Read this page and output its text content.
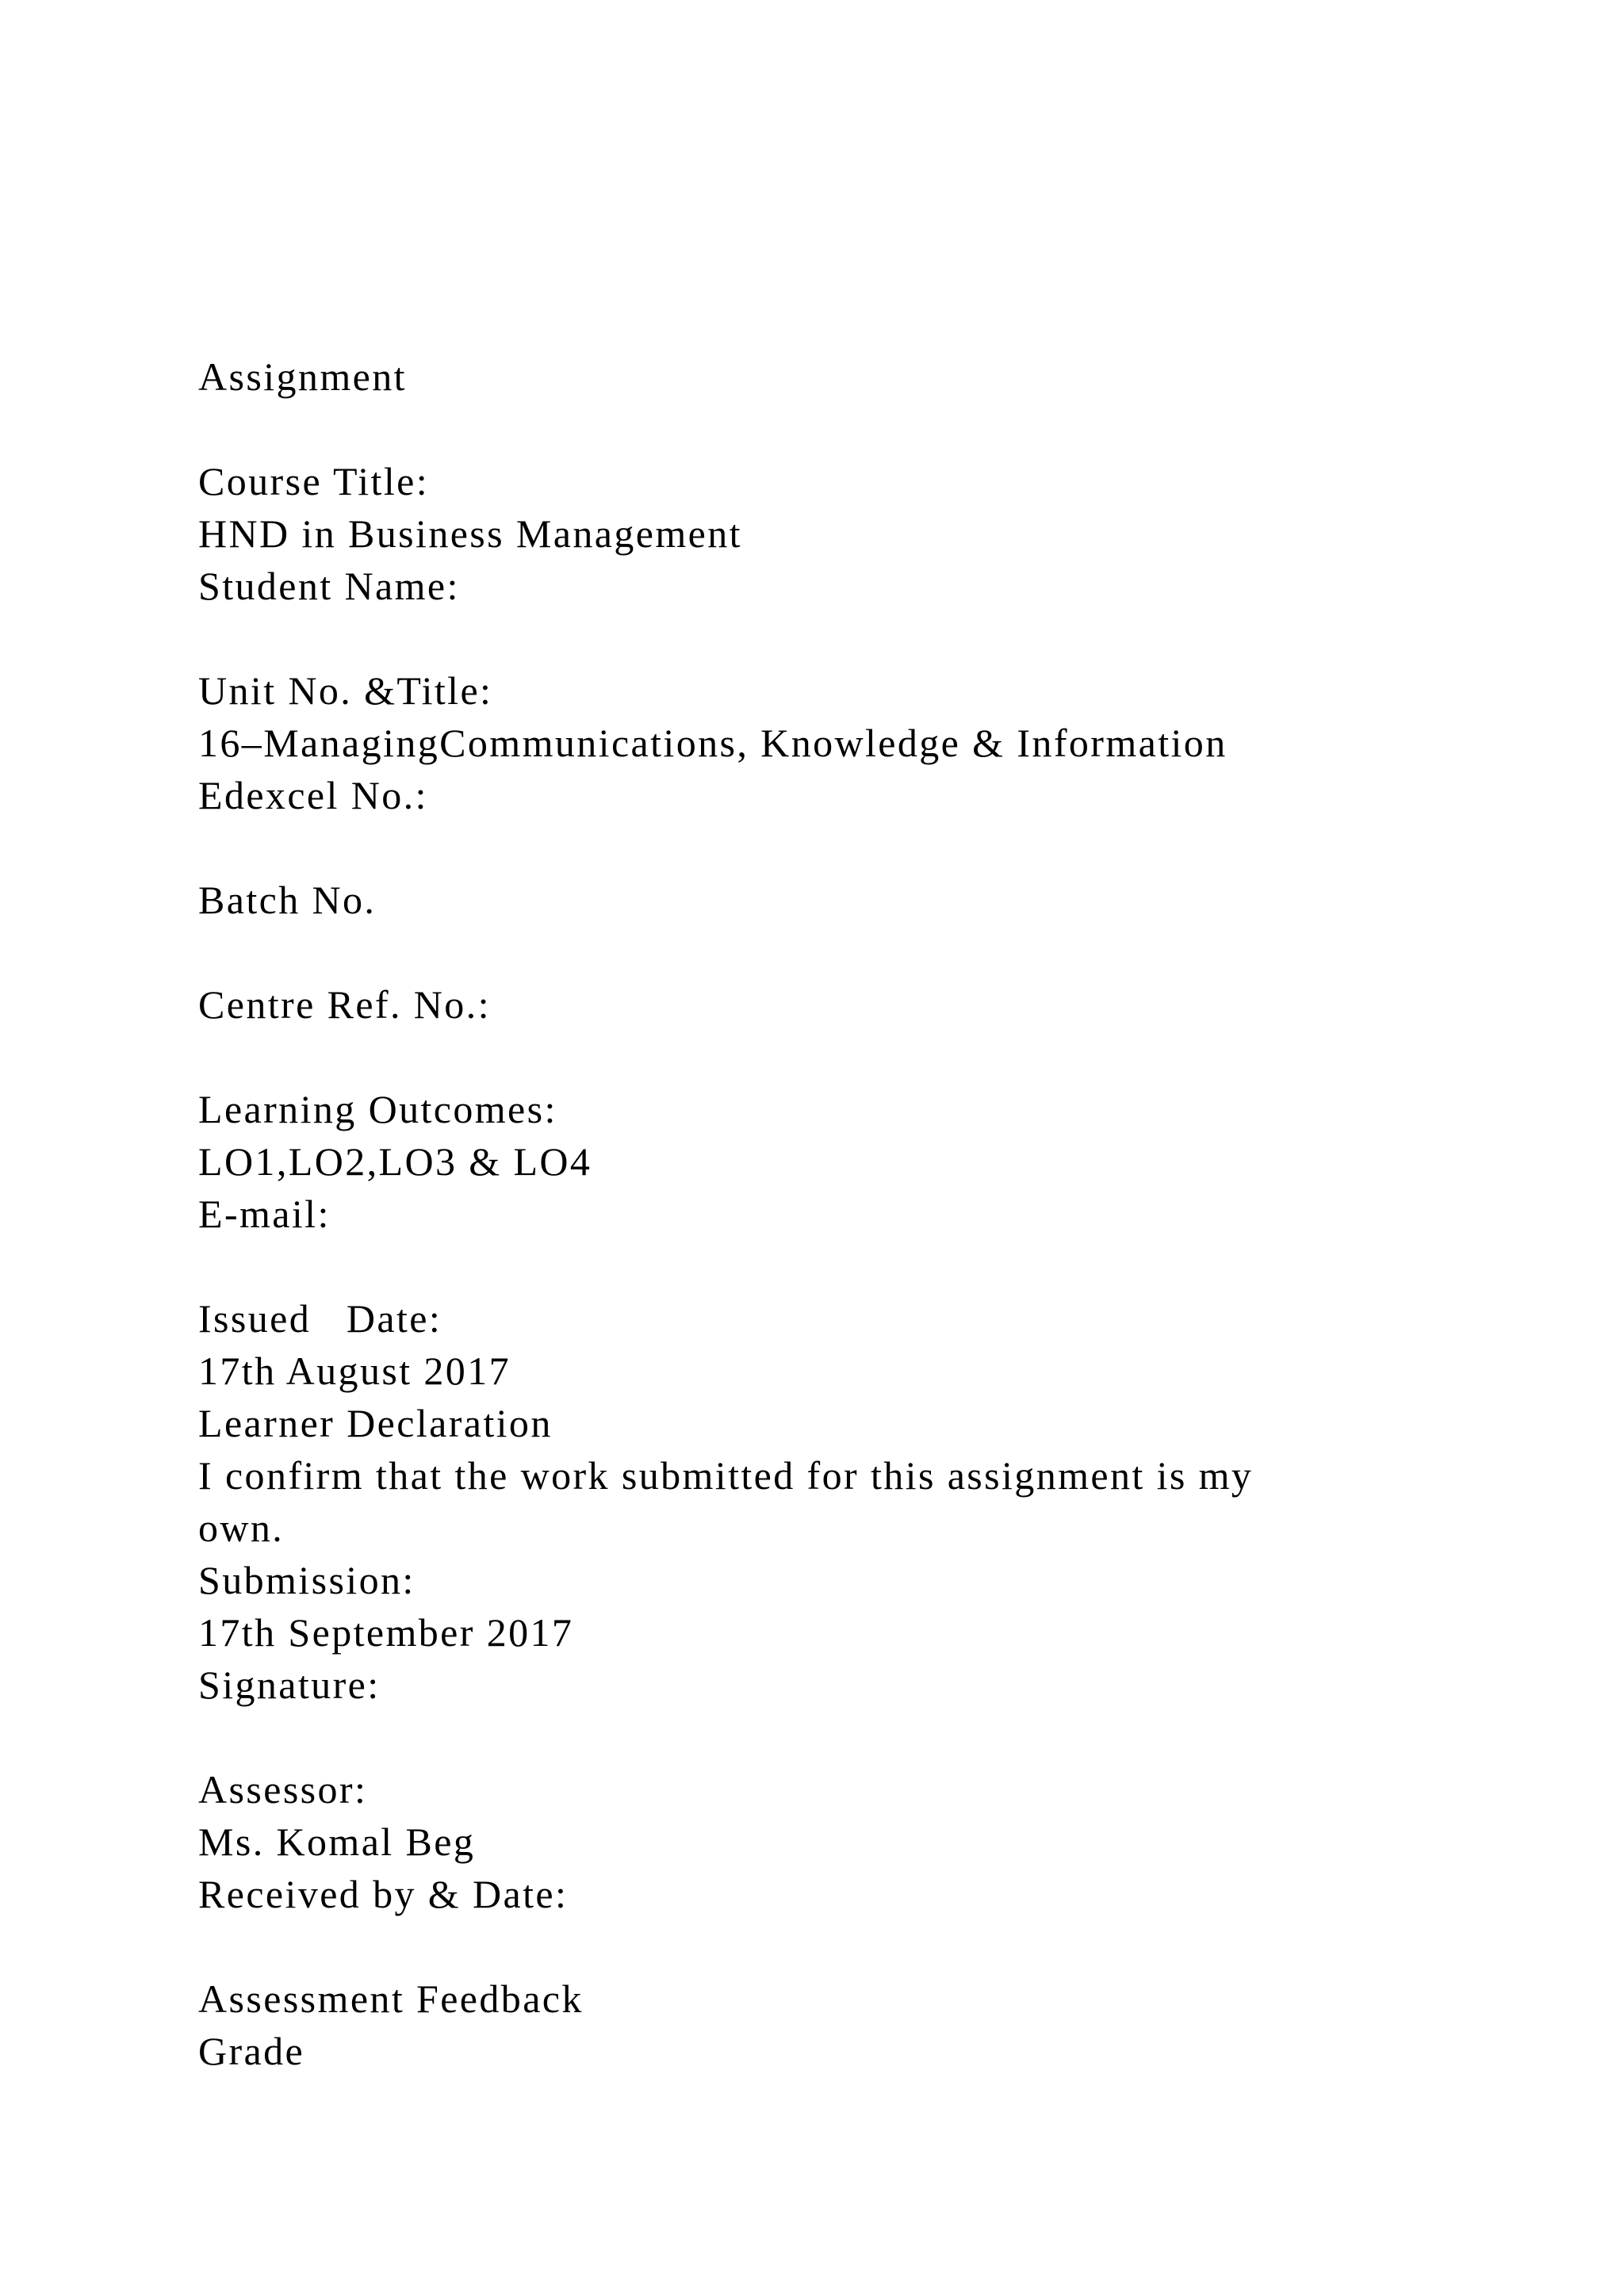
Assignment
Course Title:
HND in Business Management
Student Name:
Unit No. &Title:
16–ManagingCommunications, Knowledge & Information
Edexcel No.:
Batch No.
Centre Ref. No.:
Learning Outcomes:
LO1,LO2,LO3 & LO4
E-mail:
Issued   Date:
17th August 2017
Learner Declaration
I confirm that the work submitted for this assignment is my
own.
Submission:
17th September 2017
Signature:
Assessor:
Ms. Komal Beg
Received by & Date:
Assessment Feedback
Grade
